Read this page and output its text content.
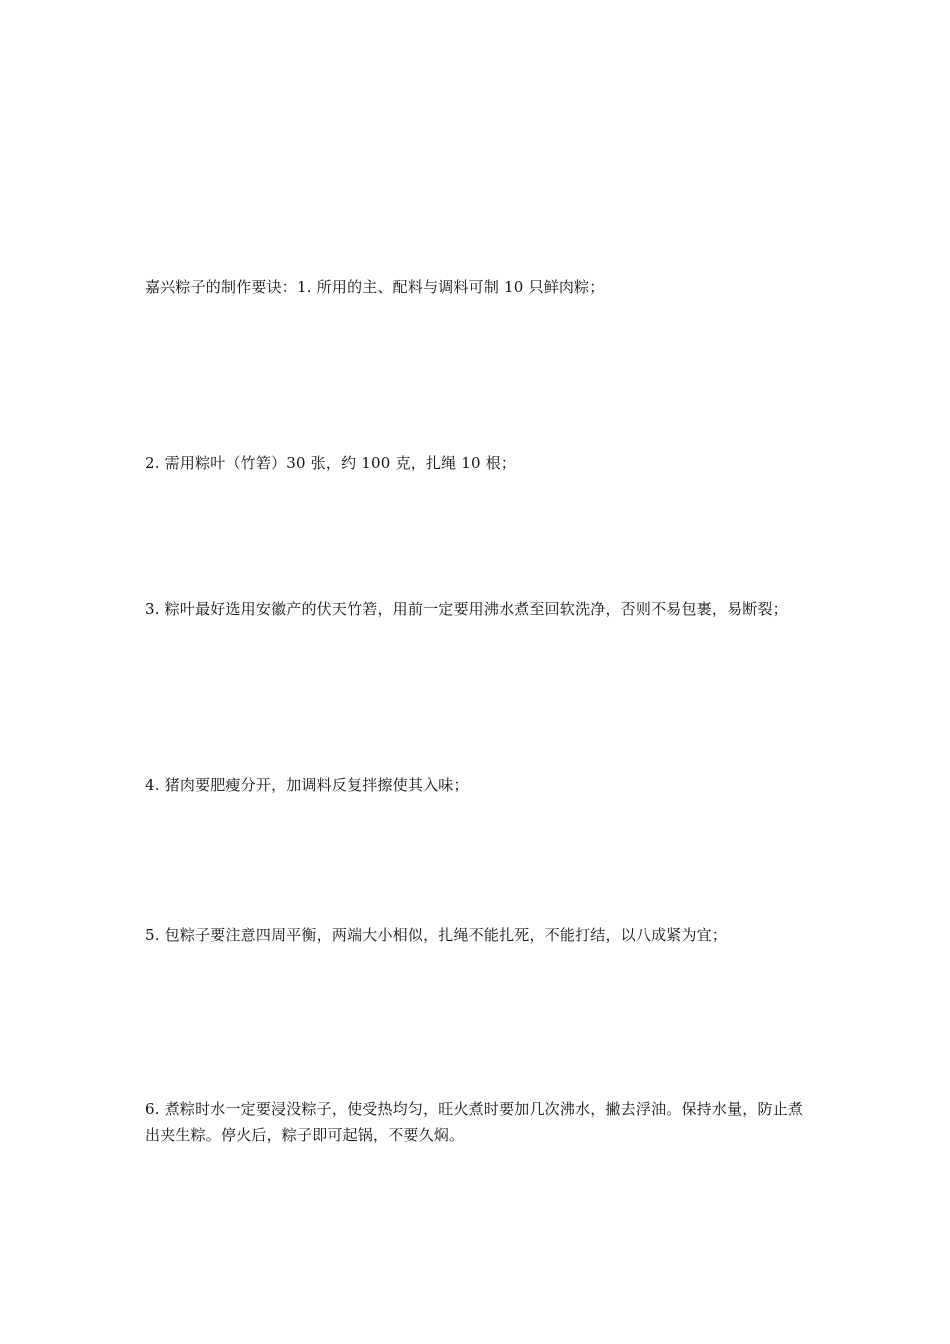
嘉兴粽子的制作要诀：1. 所用的主、配料与调料可制 10 只鲜肉粽；

2. 需用粽叶（竹箬）30 张，约 100 克，扎绳 10 根；

3. 粽叶最好选用安徽产的伏天竹箬，用前一定要用沸水煮至回软洗净，否则不易包裹，易断裂；

4. 猪肉要肥瘦分开，加调料反复拌擦使其入味；

5. 包粽子要注意四周平衡，两端大小相似，扎绳不能扎死，不能打结，以八成紧为宜；

6. 煮粽时水一定要浸没粽子，使受热均匀，旺火煮时要加几次沸水，撇去浮油。保持水量，防止煮出夹生粽。停火后，粽子即可起锅，不要久焖。
